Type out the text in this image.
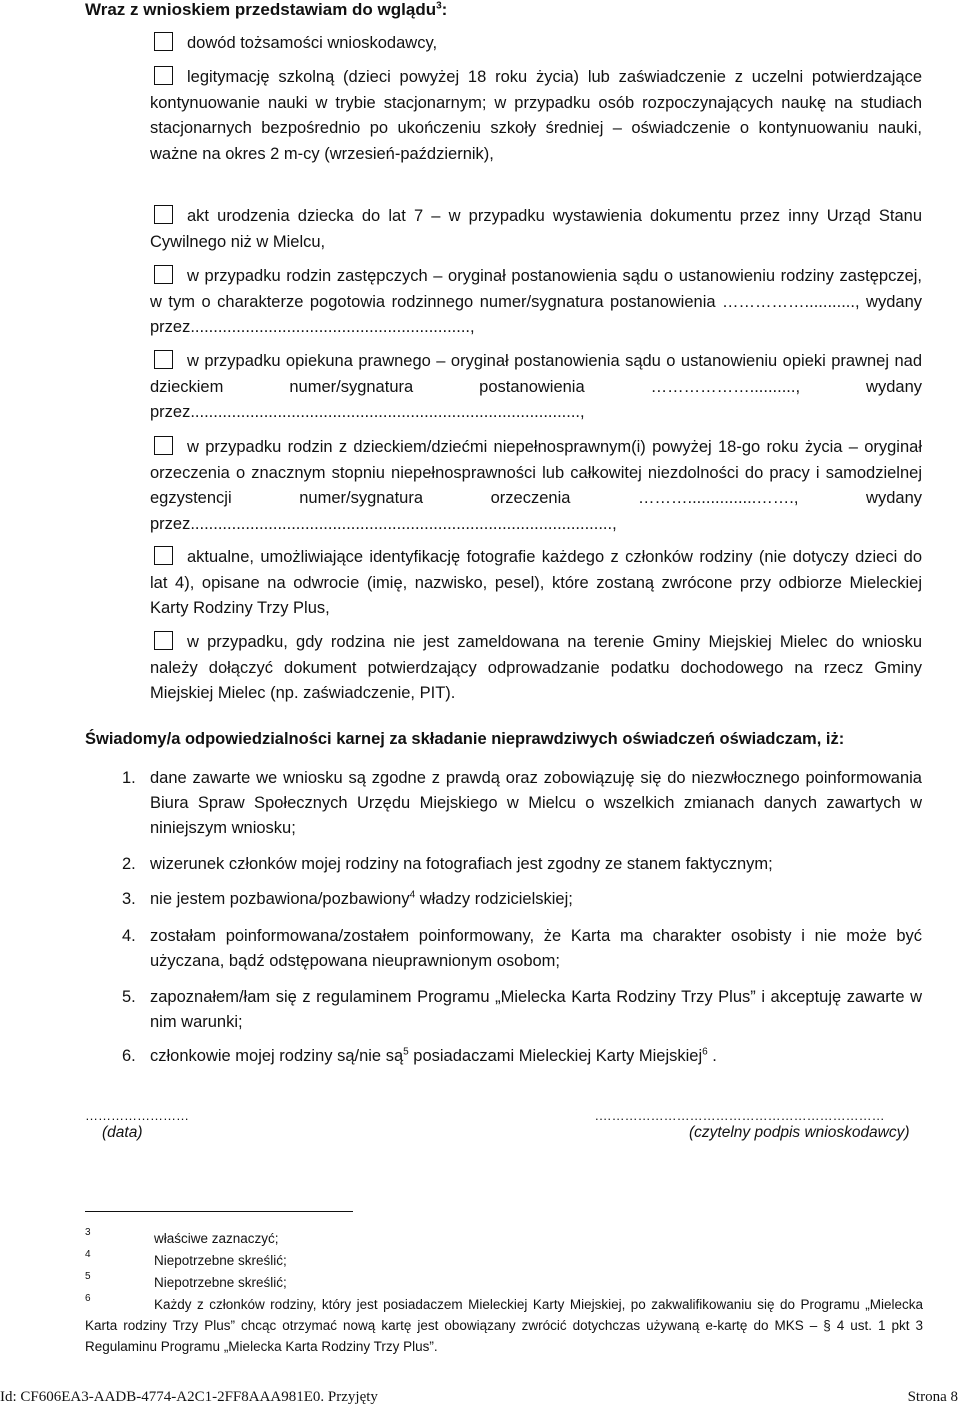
Wraz z wnioskiem przedstawiam do wglądu$^3$:
dowód tożsamości wnioskodawcy,
legitymację szkolną (dzieci powyżej 18 roku życia) lub zaświadczenie z uczelni potwierdzające kontynuowanie nauki w trybie stacjonarnym; w przypadku osób rozpoczynających naukę na studiach stacjonarnych bezpośrednio po ukończeniu szkoły średniej – oświadczenie o kontynuowaniu nauki, ważne na okres 2 m-cy (wrzesień-październik),
akt urodzenia dziecka do lat 7 – w przypadku wystawienia dokumentu przez inny Urząd Stanu Cywilnego niż w Mielcu,
w przypadku rodzin zastępczych – oryginał postanowienia sądu o ustanowieniu rodziny zastępczej, w tym o charakterze pogotowia rodzinnego numer/sygnatura postanowienia ……………..........., wydany przez.............................................................,
w przypadku opiekuna prawnego – oryginał postanowienia sądu o ustanowieniu opieki prawnej nad dzieckiem numer/sygnatura postanowienia ……………….........., wydany przez.....................................................................................,
w przypadku rodzin z dzieckiem/dziećmi niepełnosprawnym(i) powyżej 18-go roku życia – oryginał orzeczenia o znacznym stopniu niepełnosprawności lub całkowitej niezdolności do pracy i samodzielnej egzystencji numer/sygnatura orzeczenia ………...............……., wydany przez............................................................................................,
aktualne, umożliwiające identyfikację fotografie każdego z członków rodziny (nie dotyczy dzieci do lat 4), opisane na odwrocie (imię, nazwisko, pesel), które zostaną zwrócone przy odbiorze Mieleckiej Karty Rodziny Trzy Plus,
w przypadku, gdy rodzina nie jest zameldowana na terenie Gminy Miejskiej Mielec do wniosku należy dołączyć dokument potwierdzający odprowadzanie podatku dochodowego na rzecz Gminy Miejskiej Mielec (np. zaświadczenie, PIT).
Świadomy/a odpowiedzialności karnej za składanie nieprawdziwych oświadczeń oświadczam, iż:
1. dane zawarte we wniosku są zgodne z prawdą oraz zobowiązuję się do niezwłocznego poinformowania Biura Spraw Społecznych Urzędu Miejskiego w Mielcu o wszelkich zmianach danych zawartych w niniejszym wniosku;
2. wizerunek członków mojej rodziny na fotografiach jest zgodny ze stanem faktycznym;
3. nie jestem pozbawiona/pozbawiony$^4$ władzy rodzicielskiej;
4. zostałam poinformowana/zostałem poinformowany, że Karta ma charakter osobisty i nie może być użyczana, bądź odstępowana nieuprawnionym osobom;
5. zapoznałem/łam się z regulaminem Programu „Mielecka Karta Rodziny Trzy Plus” i akceptuję zawarte w nim warunki;
6. członkowie mojej rodziny są/nie $są^5$ posiadaczami Mieleckiej Karty Miejskiej$^6$ .
……………………
(data)
.…………………………………………………………
(czytelny podpis wnioskodawcy)
3	właściwe zaznaczyć;
4	Niepotrzebne skreślić;
5	Niepotrzebne skreślić;
6	Każdy z członków rodziny, który jest posiadaczem Mieleckiej Karty Miejskiej, po zakwalifikowaniu się do Programu „Mielecka Karta rodziny Trzy Plus” chcąc otrzymać nową kartę jest obowiązany zwrócić dotychczas używaną e-kartę do MKS – § 4 ust. 1 pkt 3 Regulaminu Programu „Mielecka Karta Rodziny Trzy Plus”.
Id: CF606EA3-AADB-4774-A2C1-2FF8AAA981E0. Przyjęty	Strona 8
